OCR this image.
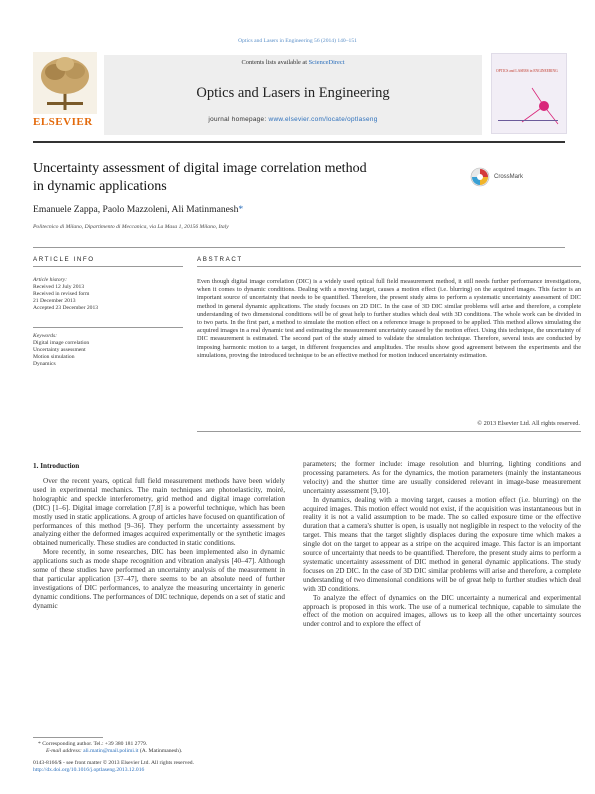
Optics and Lasers in Engineering 56 (2014) 140–151
ELSEVIER
Contents lists available at ScienceDirect
Optics and Lasers in Engineering
journal homepage: www.elsevier.com/locate/optlaseng
OPTICS and LASERS in ENGINEERING
Uncertainty assessment of digital image correlation method
in dynamic applications
CrossMark
Emanuele Zappa, Paolo Mazzoleni, Ali Matinmanesh*
Politecnico di Milano, Dipartimento di Meccanica, via La Masa 1, 20156 Milano, Italy
ARTICLE INFO
Article history:
Received 12 July 2013
Received in revised form
21 December 2013
Accepted 23 December 2013
Keywords:
Digital image correlation
Uncertainty assessment
Motion simulation
Dynamics
ABSTRACT
Even though digital image correlation (DIC) is a widely used optical full field measurement method, it still needs further performance investigations, when it comes to dynamic conditions. Dealing with a moving target, causes a motion effect (i.e. blurring) on the acquired images. This factor is an important source of uncertainty that needs to be quantified. Therefore, the present study aims to perform a systematic uncertainty assessment of DIC method in general dynamic applications. The study focuses on 2D DIC. In the case of 3D DIC similar problems will arise and therefore, a complete understanding of two dimensional conditions will be of great help to further studies which deal with 3D conditions. The whole work can be divided in to two parts. In the first part, a method to simulate the motion effect on a reference image is proposed to be applied. This method allows simulating the acquired images in a real dynamic test and estimating the measurement uncertainty caused by the motion effect. Using this technique, the uncertainty of DIC measurement is estimated. The second part of the study aimed to validate the simulation technique. Therefore, several tests are conducted by imposing harmonic motion to a target, in different frequencies and amplitudes. The results show good agreement between the experiments and the simulations, proving the introduced technique to be an effective method for motion induced uncertainty estimation.
© 2013 Elsevier Ltd. All rights reserved.
1. Introduction

Over the recent years, optical full field measurement methods have been widely used in experimental mechanics. The main techniques are photoelasticity, moiré, holographic and speckle interferometry, grid method and digital image correlation (DIC) [1–6]. Digital image correlation [7,8] is a powerful technique, which has been mostly used in static applications. A group of articles have focused on quantification of performances of this method [9–36]. They perform the uncertainty assessment by analyzing either the deformed images acquired experimentally or the synthetic images obtained numerically. These studies are conducted in static conditions.

More recently, in some researches, DIC has been implemented also in dynamic applications such as mode shape recognition and vibration analysis [40–47]. Although some of these studies have performed an uncertainty analysis of the measurement in that particular application [37–47], there seems to be an absolute need of further investigations of DIC performances, to analyze the measuring uncertainty in generic dynamic conditions. The performances of DIC technique, depends on a set of static and dynamic

parameters; the former include: image resolution and blurring, lighting conditions and processing parameters. As for the dynamics, the motion parameters (mainly the instantaneous velocity) and the shutter time are usually considered relevant in image-base measurement uncertainty assessment [9,10].

In dynamics, dealing with a moving target, causes a motion effect (i.e. blurring) on the acquired images. This motion effect would not exist, if the acquisition was instantaneous but in reality it is not a valid assumption to be made. The so called exposure time or the effective duration that a camera's shutter is open, is usually not negligible in respect to the velocity of the target. This means that the target slightly displaces during the exposure time which makes a single dot on the target to appear as a stripe on the acquired image. This factor is an important source of uncertainty that needs to be quantified. Therefore, the present study aims to perform a systematic uncertainty assessment of DIC method in general dynamic applications. The study focuses on 2D DIC. In the case of 3D DIC similar problems will arise and therefore, a complete understanding of two dimensional conditions will be of great help to further studies which deal with 3D conditions.

To analyze the effect of dynamics on the DIC uncertainty a numerical and experimental approach is proposed in this work. The use of a numerical technique, capable to simulate the effect of the motion on acquired images, allows us to keep all the other uncertainty sources under control and to explore the effect of

* Corresponding author. Tel.: +39 380 181 2779.
E-mail address: ali.matin@mail.polimi.it (A. Matinmanesh).
0143-8166/$ - see front matter © 2013 Elsevier Ltd. All rights reserved.
http://dx.doi.org/10.1016/j.optlaseng.2013.12.016
